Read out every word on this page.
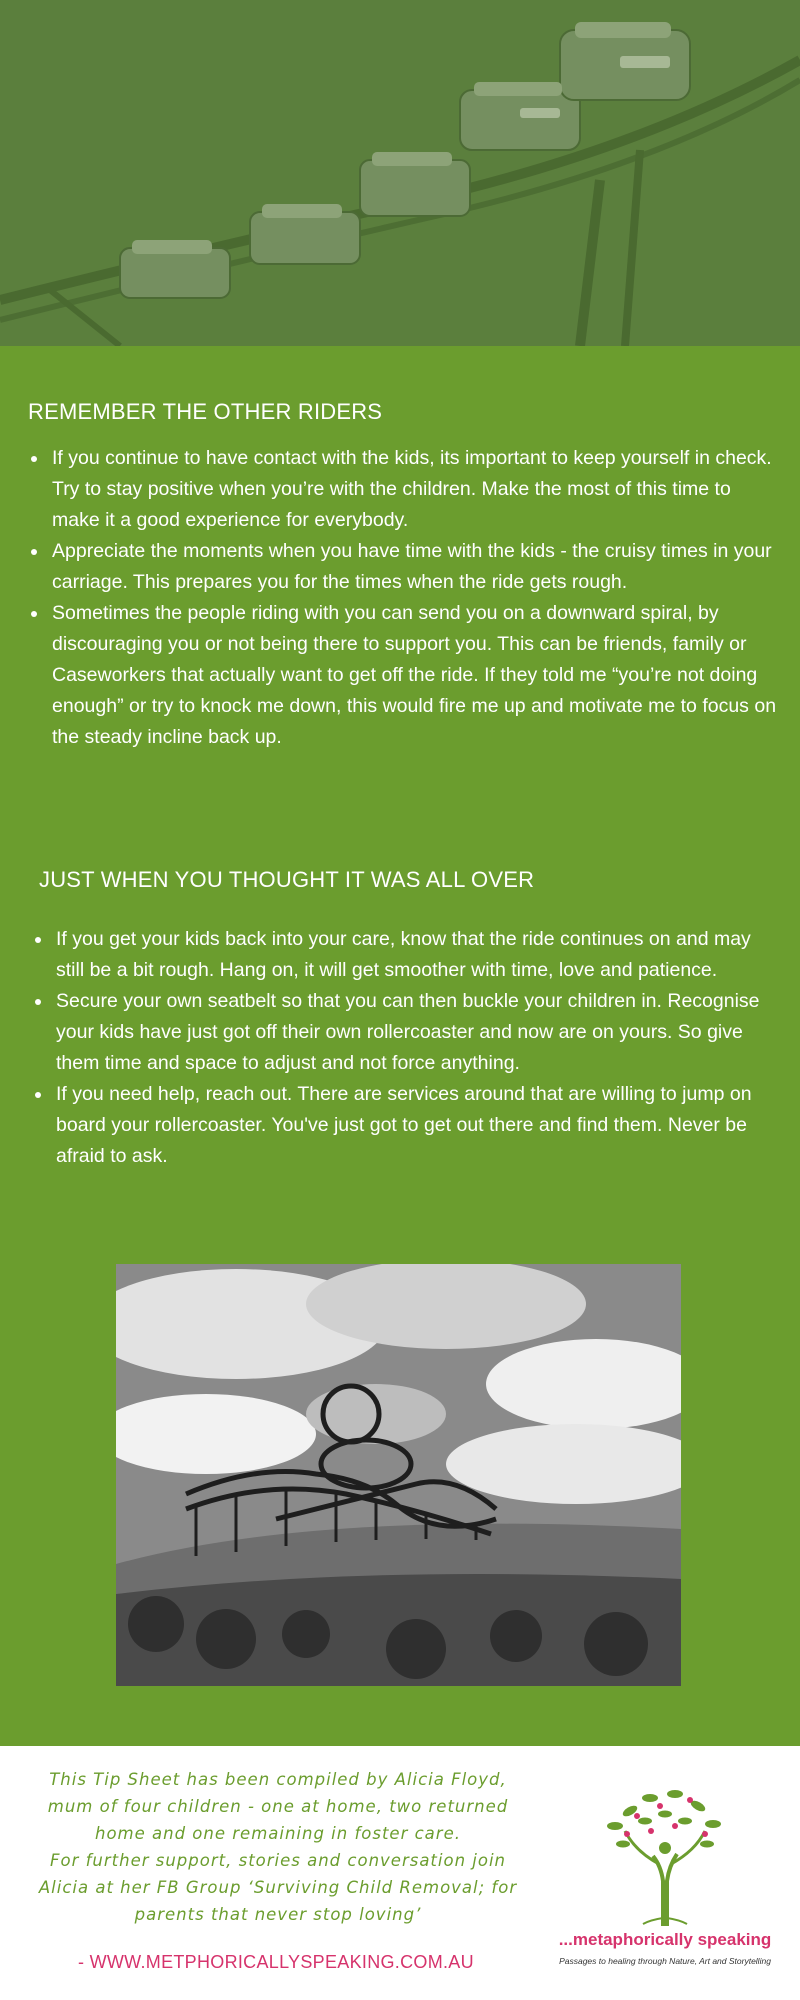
REMEMBER THE OTHER RIDERS
If you continue to have contact with the kids, its important to keep yourself in check. Try to stay positive when you’re with the children. Make the most of this time to make it a good experience for everybody.
Appreciate the moments when you have time with the kids - the cruisy times in your carriage. This prepares you for the times when the ride gets rough.
Sometimes the people riding with you can send you on a downward spiral, by discouraging you or not being there to support you. This can be friends, family or Caseworkers that actually want to get off the ride. If they told me “you’re not doing enough” or try to knock me down, this would fire me up and motivate me to focus on the steady incline back up.
JUST WHEN YOU THOUGHT IT WAS ALL OVER
If you get your kids back into your care, know that the ride continues on and may still be a bit rough. Hang on, it will get smoother with time, love and patience.
Secure your own seatbelt so that you can then buckle your children in. Recognise your kids have just got off their own rollercoaster and now are on yours. So give them time and space to adjust and not force anything.
If you need help, reach out. There are services around that are willing to jump on board your rollercoaster. You've just got to get out there and find them. Never be afraid to ask.
This Tip Sheet has been compiled by Alicia Floyd,
mum of four children - one at home, two returned
home and one remaining in foster care.
For further support, stories and conversation join
Alicia at her FB Group ‘Surviving Child Removal; for
parents that never stop loving’
- WWW.METPHORICALLYSPEAKING.COM.AU
...metaphorically speaking
Passages to healing through Nature, Art and Storytelling
